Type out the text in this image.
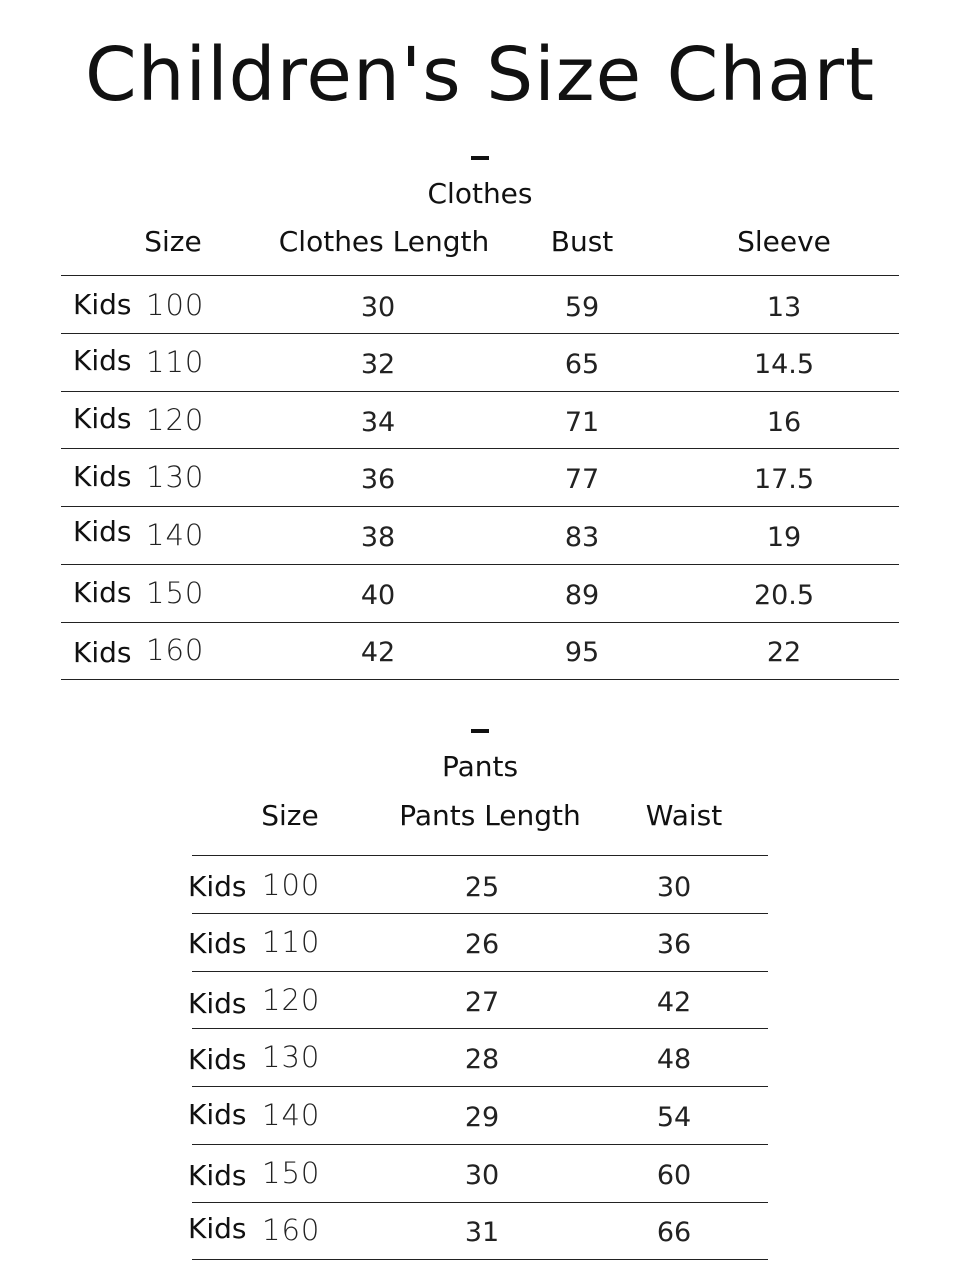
Children's Size Chart
Clothes
Size	Clothes Length	Bust	Sleeve
Kids 100	30	59	13
Kids 110	32	65	14.5
Kids 120	34	71	16
Kids 130	36	77	17.5
Kids 140	38	83	19
Kids 150	40	89	20.5
Kids 160	42	95	22
Pants
Size	Pants Length	Waist
Kids 100	25	30
Kids 110	26	36
Kids 120	27	42
Kids 130	28	48
Kids 140	29	54
Kids 150	30	60
Kids 160	31	66
